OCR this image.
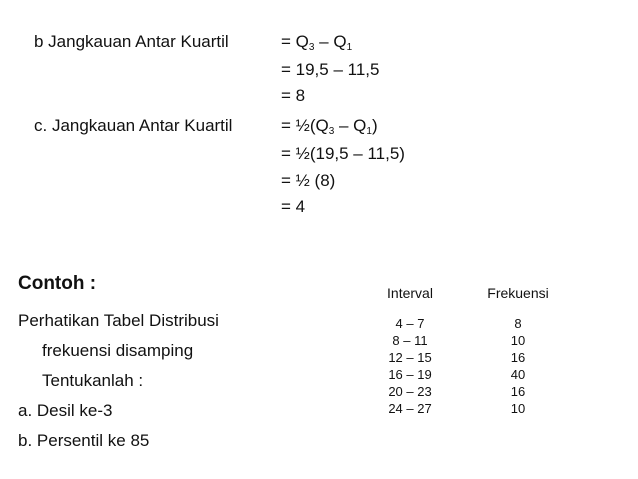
b Jangkauan Antar Kuartil	= $Q_3 - Q_1$
= 19,5 – 11,5
= 8
c. Jangkauan Antar Kuartil	= $\frac{1}{2}(Q_3 - Q_1)$
= ½(19,5 – 11,5)
= ½ (8)
= 4
Contoh :
Perhatikan Tabel Distribusi
frekuensi disamping
Tentukanlah :
a. Desil ke-3
b. Persentil ke 85
Interval	Frekuensi
4 – 7	8
8 – 11	10
12 – 15	16
16 – 19	40
20 – 23	16
24 – 27	10
